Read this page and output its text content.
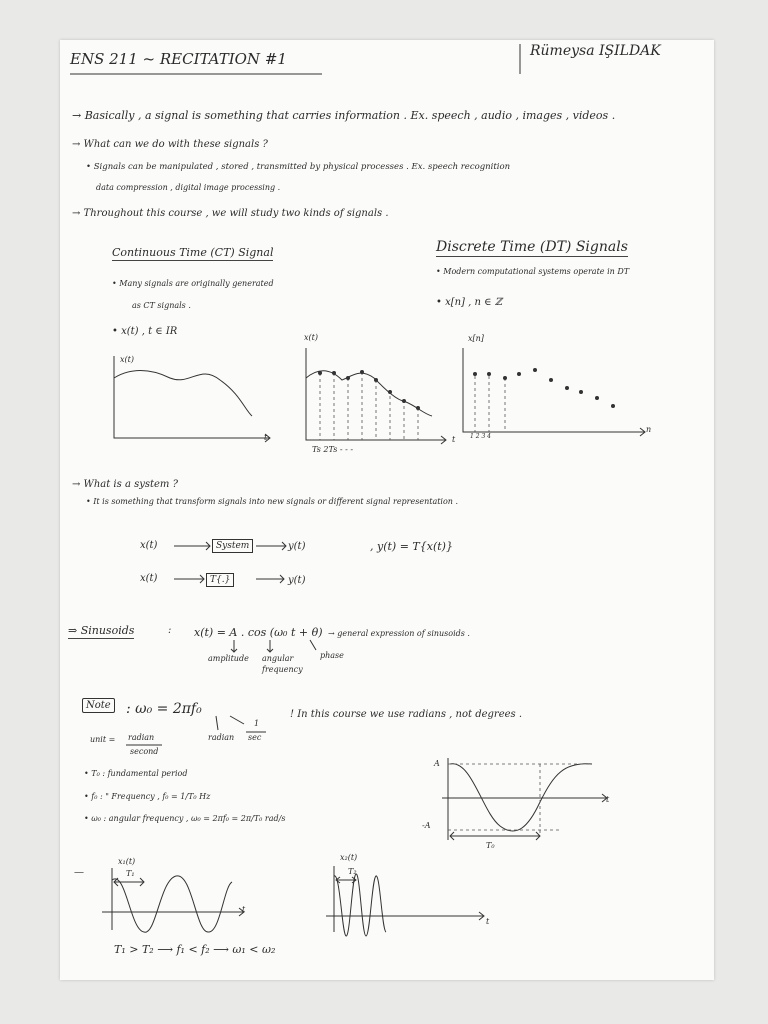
ENS 211 ~ RECITATION #1	Rümeysa IŞILDAK
→ Basically , a signal is something that carries information . Ex. speech , audio , images , videos .
→ What can we do with these signals ?
• Signals can be manipulated , stored , transmitted by physical processes . Ex. speech recognition
data compression , digital image processing .
→ Throughout this course , we will study two kinds of signals .
Continuous Time (CT) Signal
• Many signals are originally generated
as CT signals .
• x(t) , t ∈ IR
Discrete Time (DT) Signals
• Modern computational systems operate in DT
• x[n] , n ∈ ℤ
x(t)
t
x(t)
t
Ts 2Ts - - -
x[n]
n
1 2 3 4
→ What is a system ?
• It is something that transform signals into new signals or different signal representation .
x(t)	System	y(t)	, y(t) = T{x(t)}
x(t)	T{.}	y(t)
⇒ Sinusoids	: x(t) = A . cos (ω₀ t + θ) → general expression of sinusoids .
amplitude angular
frequency
phase
Note : ω₀ = 2πf₀
1
sec
radian
! In this course we use radians , not degrees .
unit = radian
second
• T₀ : fundamental period
• f₀ : " Frequency , f₀ = 1/T₀ Hz
• ω₀ : angular frequency , ω₀ = 2πf₀ = 2π/T₀ rad/s
A
-A
t
T₀
—
x₁(t)
T₁
t
x₂(t)
T₂
t
T₁ > T₂ ⟶ f₁ < f₂ ⟶ ω₁ < ω₂
